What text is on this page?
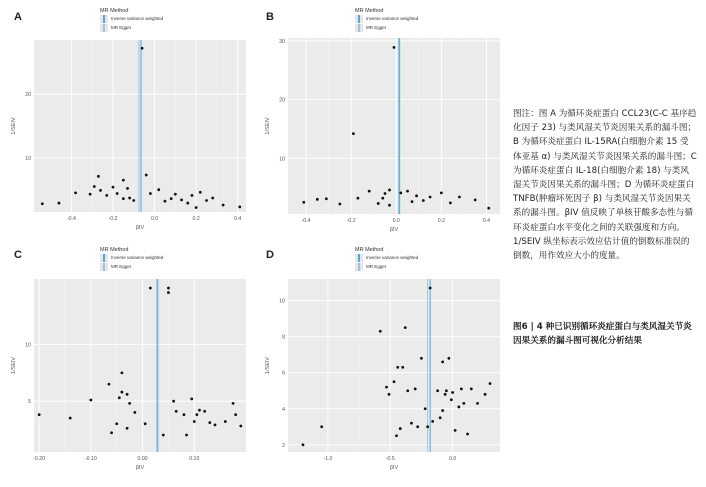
A	B
C	D
MR Method
Inverse variance weighted
MR Egger
MR Method
Inverse variance weighted
MR Egger
MR Method
Inverse variance weighted
MR Egger
MR Method
Inverse variance weighted
MR Egger
-0.4	-0.2	0.0	0.2	0.4
10
20
βIV
1/SEIV
-0.4	-0.2	0.0	0.2	0.4
10
20
30
βIV
1/SEIV
-0.20	-0.10	0.00	0.10
5
10
βIV
1/SEIV
-1.0	-0.5	0.0
2
4
6
8
10
βIV
1/SEIV

图注：图 A 为循环炎症蛋白 CCL23(C-C 基序趋化因子 23) 与类风湿关节炎因果关系的漏斗图；B 为循环炎症蛋白 IL-15RA(白细胞介素 15 受体亚基 α) 与类风湿关节炎因果关系的漏斗图；C 为循环炎症蛋白 IL-18(白细胞介素 18) 与类风湿关节炎因果关系的漏斗图；D 为循环炎症蛋白 TNFB(肿瘤坏死因子 β) 与类风湿关节炎因果关系的漏斗图。βIV 值反映了单核苷酸多态性与循环炎症蛋白水平变化之间的关联强度和方向。1/SEIV 纵坐标表示效应估计值的倒数标准误的倒数，用作效应大小的度量。

图6 | 4 种已识别循环炎症蛋白与类风湿关节炎因果关系的漏斗图可视化分析结果
